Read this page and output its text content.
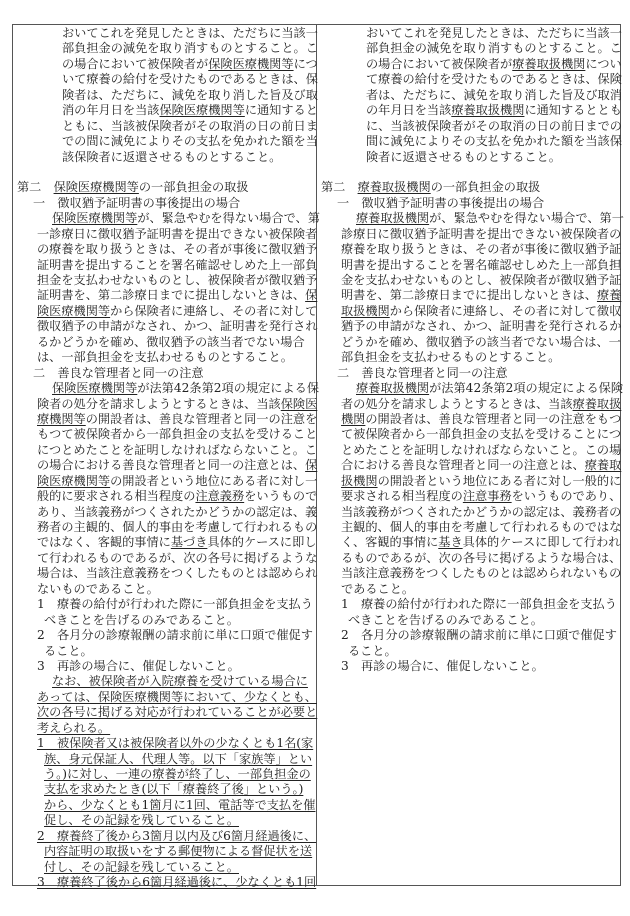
おいてこれを発見したときは、ただちに当該一
部負担金の減免を取り消すものとすること。こ
の場合において被保険者が保険医療機関等につ
いて療養の給付を受けたものであるときは、保
険者は、ただちに、減免を取り消した旨及び取
消の年月日を当該保険医療機関等に通知すると
ともに、当該被保険者がその取消の日の前日ま
での間に減免によりその支払を免かれた額を当
該保険者に返還させるものとすること。
第二　保険医療機関等の一部負担金の取扱
一　徴収猶予証明書の事後提出の場合
保険医療機関等が、緊急やむを得ない場合で、第
一診療日に徴収猶予証明書を提出できない被保険者
の療養を取り扱うときは、その者が事後に徴収猶予
証明書を提出することを署名確認せしめた上一部負
担金を支払わせないものとし、被保険者が徴収猶予
証明書を、第二診療日までに提出しないときは、保
険医療機関等から保険者に連絡し、その者に対して
徴収猶予の申請がなされ、かつ、証明書を発行され
るかどうかを確め、徴収猶予の該当者でない場合
は、一部負担金を支払わせるものとすること。
二　善良な管理者と同一の注意
保険医療機関等が法第42条第2項の規定による保
険者の処分を請求しようとするときは、当該保険医
療機関等の開設者は、善良な管理者と同一の注意を
もつて被保険者から一部負担金の支払を受けること
につとめたことを証明しなければならないこと。こ
の場合における善良な管理者と同一の注意とは、保
険医療機関等の開設者という地位にある者に対し一
般的に要求される相当程度の注意義務をいうもので
あり、当該義務がつくされたかどうかの認定は、義
務者の主観的、個人的事由を考慮して行われるもの
ではなく、客観的事情に基づき具体的ケースに即し
て行われるものであるが、次の各号に掲げるような
場合は、当該注意義務をつくしたものとは認められ
ないものであること。
1　療養の給付が行われた際に一部負担金を支払う
べきことを告げるのみであること。
2　各月分の診療報酬の請求前に単に口頭で催促す
ること。
3　再診の場合に、催促しないこと。
なお、被保険者が入院療養を受けている場合に
あっては、保険医療機関等において、少なくとも、
次の各号に掲げる対応が行われていることが必要と
考えられる。
1　被保険者又は被保険者以外の少なくとも1名(家
族、身元保証人、代理人等。以下「家族等」とい
う。)に対し、一連の療養が終了し、一部負担金の
支払を求めたとき(以下「療養終了後」という。)
から、少なくとも1箇月に1回、電話等で支払を催
促し、その記録を残していること。
2　療養終了後から3箇月以内及び6箇月経過後に、
内容証明の取扱いをする郵便物による督促状を送
付し、その記録を残していること。
3　療養終了後から6箇月経過後に、少なくとも1回
おいてこれを発見したときは、ただちに当該一
部負担金の減免を取り消すものとすること。こ
の場合において被保険者が療養取扱機関につい
て療養の給付を受けたものであるときは、保険
者は、ただちに、減免を取り消した旨及び取消
の年月日を当該療養取扱機関に通知するととも
に、当該被保険者がその取消の日の前日までの
間に減免によりその支払を免かれた額を当該保
険者に返還させるものとすること。
第二　療養取扱機関の一部負担金の取扱
一　徴収猶予証明書の事後提出の場合
療養取扱機関が、緊急やむを得ない場合で、第一
診療日に徴収猶予証明書を提出できない被保険者の
療養を取り扱うときは、その者が事後に徴収猶予証
明書を提出することを署名確認せしめた上一部負担
金を支払わせないものとし、被保険者が徴収猶予証
明書を、第二診療日までに提出しないときは、療養
取扱機関から保険者に連絡し、その者に対して徴収
猶予の申請がなされ、かつ、証明書を発行されるか
どうかを確め、徴収猶予の該当者でない場合は、一
部負担金を支払わせるものとすること。
二　善良な管理者と同一の注意
療養取扱機関が法第42条第2項の規定による保険
者の処分を請求しようとするときは、当該療養取扱
機関の開設者は、善良な管理者と同一の注意をもつ
て被保険者から一部負担金の支払を受けることにつ
とめたことを証明しなければならないこと。この場
合における善良な管理者と同一の注意とは、療養取
扱機関の開設者という地位にある者に対し一般的に
要求される相当程度の注意事務をいうものであり、
当該義務がつくされたかどうかの認定は、義務者の
主観的、個人的事由を考慮して行われるものではな
く、客観的事情に基き具体的ケースに即して行われ
るものであるが、次の各号に掲げるような場合は、
当該注意義務をつくしたものとは認められないもの
であること。
1　療養の給付が行われた際に一部負担金を支払う
べきことを告げるのみであること。
2　各月分の診療報酬の請求前に単に口頭で催促す
ること。
3　再診の場合に、催促しないこと。
